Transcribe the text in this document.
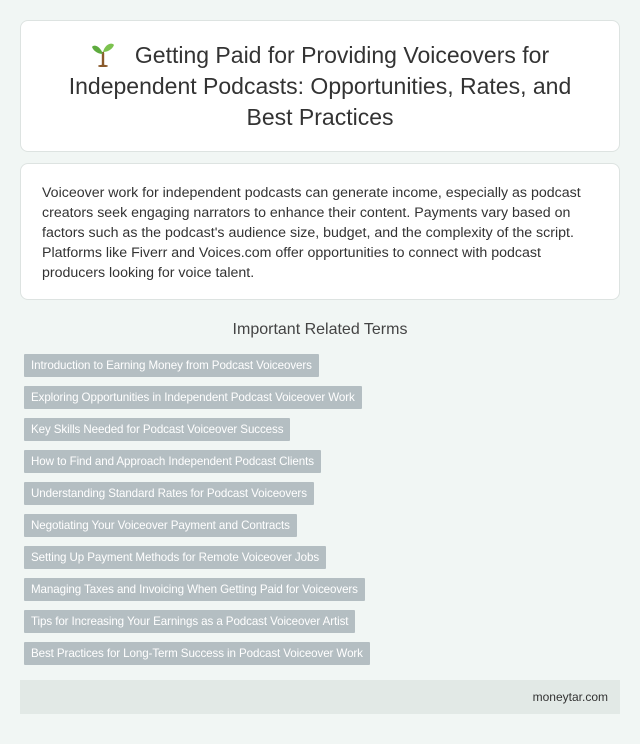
Getting Paid for Providing Voiceovers for Independent Podcasts: Opportunities, Rates, and Best Practices

Voiceover work for independent podcasts can generate income, especially as podcast creators seek engaging narrators to enhance their content. Payments vary based on factors such as the podcast's audience size, budget, and the complexity of the script. Platforms like Fiverr and Voices.com offer opportunities to connect with podcast producers looking for voice talent.

Important Related Terms
Introduction to Earning Money from Podcast Voiceovers
Exploring Opportunities in Independent Podcast Voiceover Work
Key Skills Needed for Podcast Voiceover Success
How to Find and Approach Independent Podcast Clients
Understanding Standard Rates for Podcast Voiceovers
Negotiating Your Voiceover Payment and Contracts
Setting Up Payment Methods for Remote Voiceover Jobs
Managing Taxes and Invoicing When Getting Paid for Voiceovers
Tips for Increasing Your Earnings as a Podcast Voiceover Artist
Best Practices for Long-Term Success in Podcast Voiceover Work
moneytar.com
